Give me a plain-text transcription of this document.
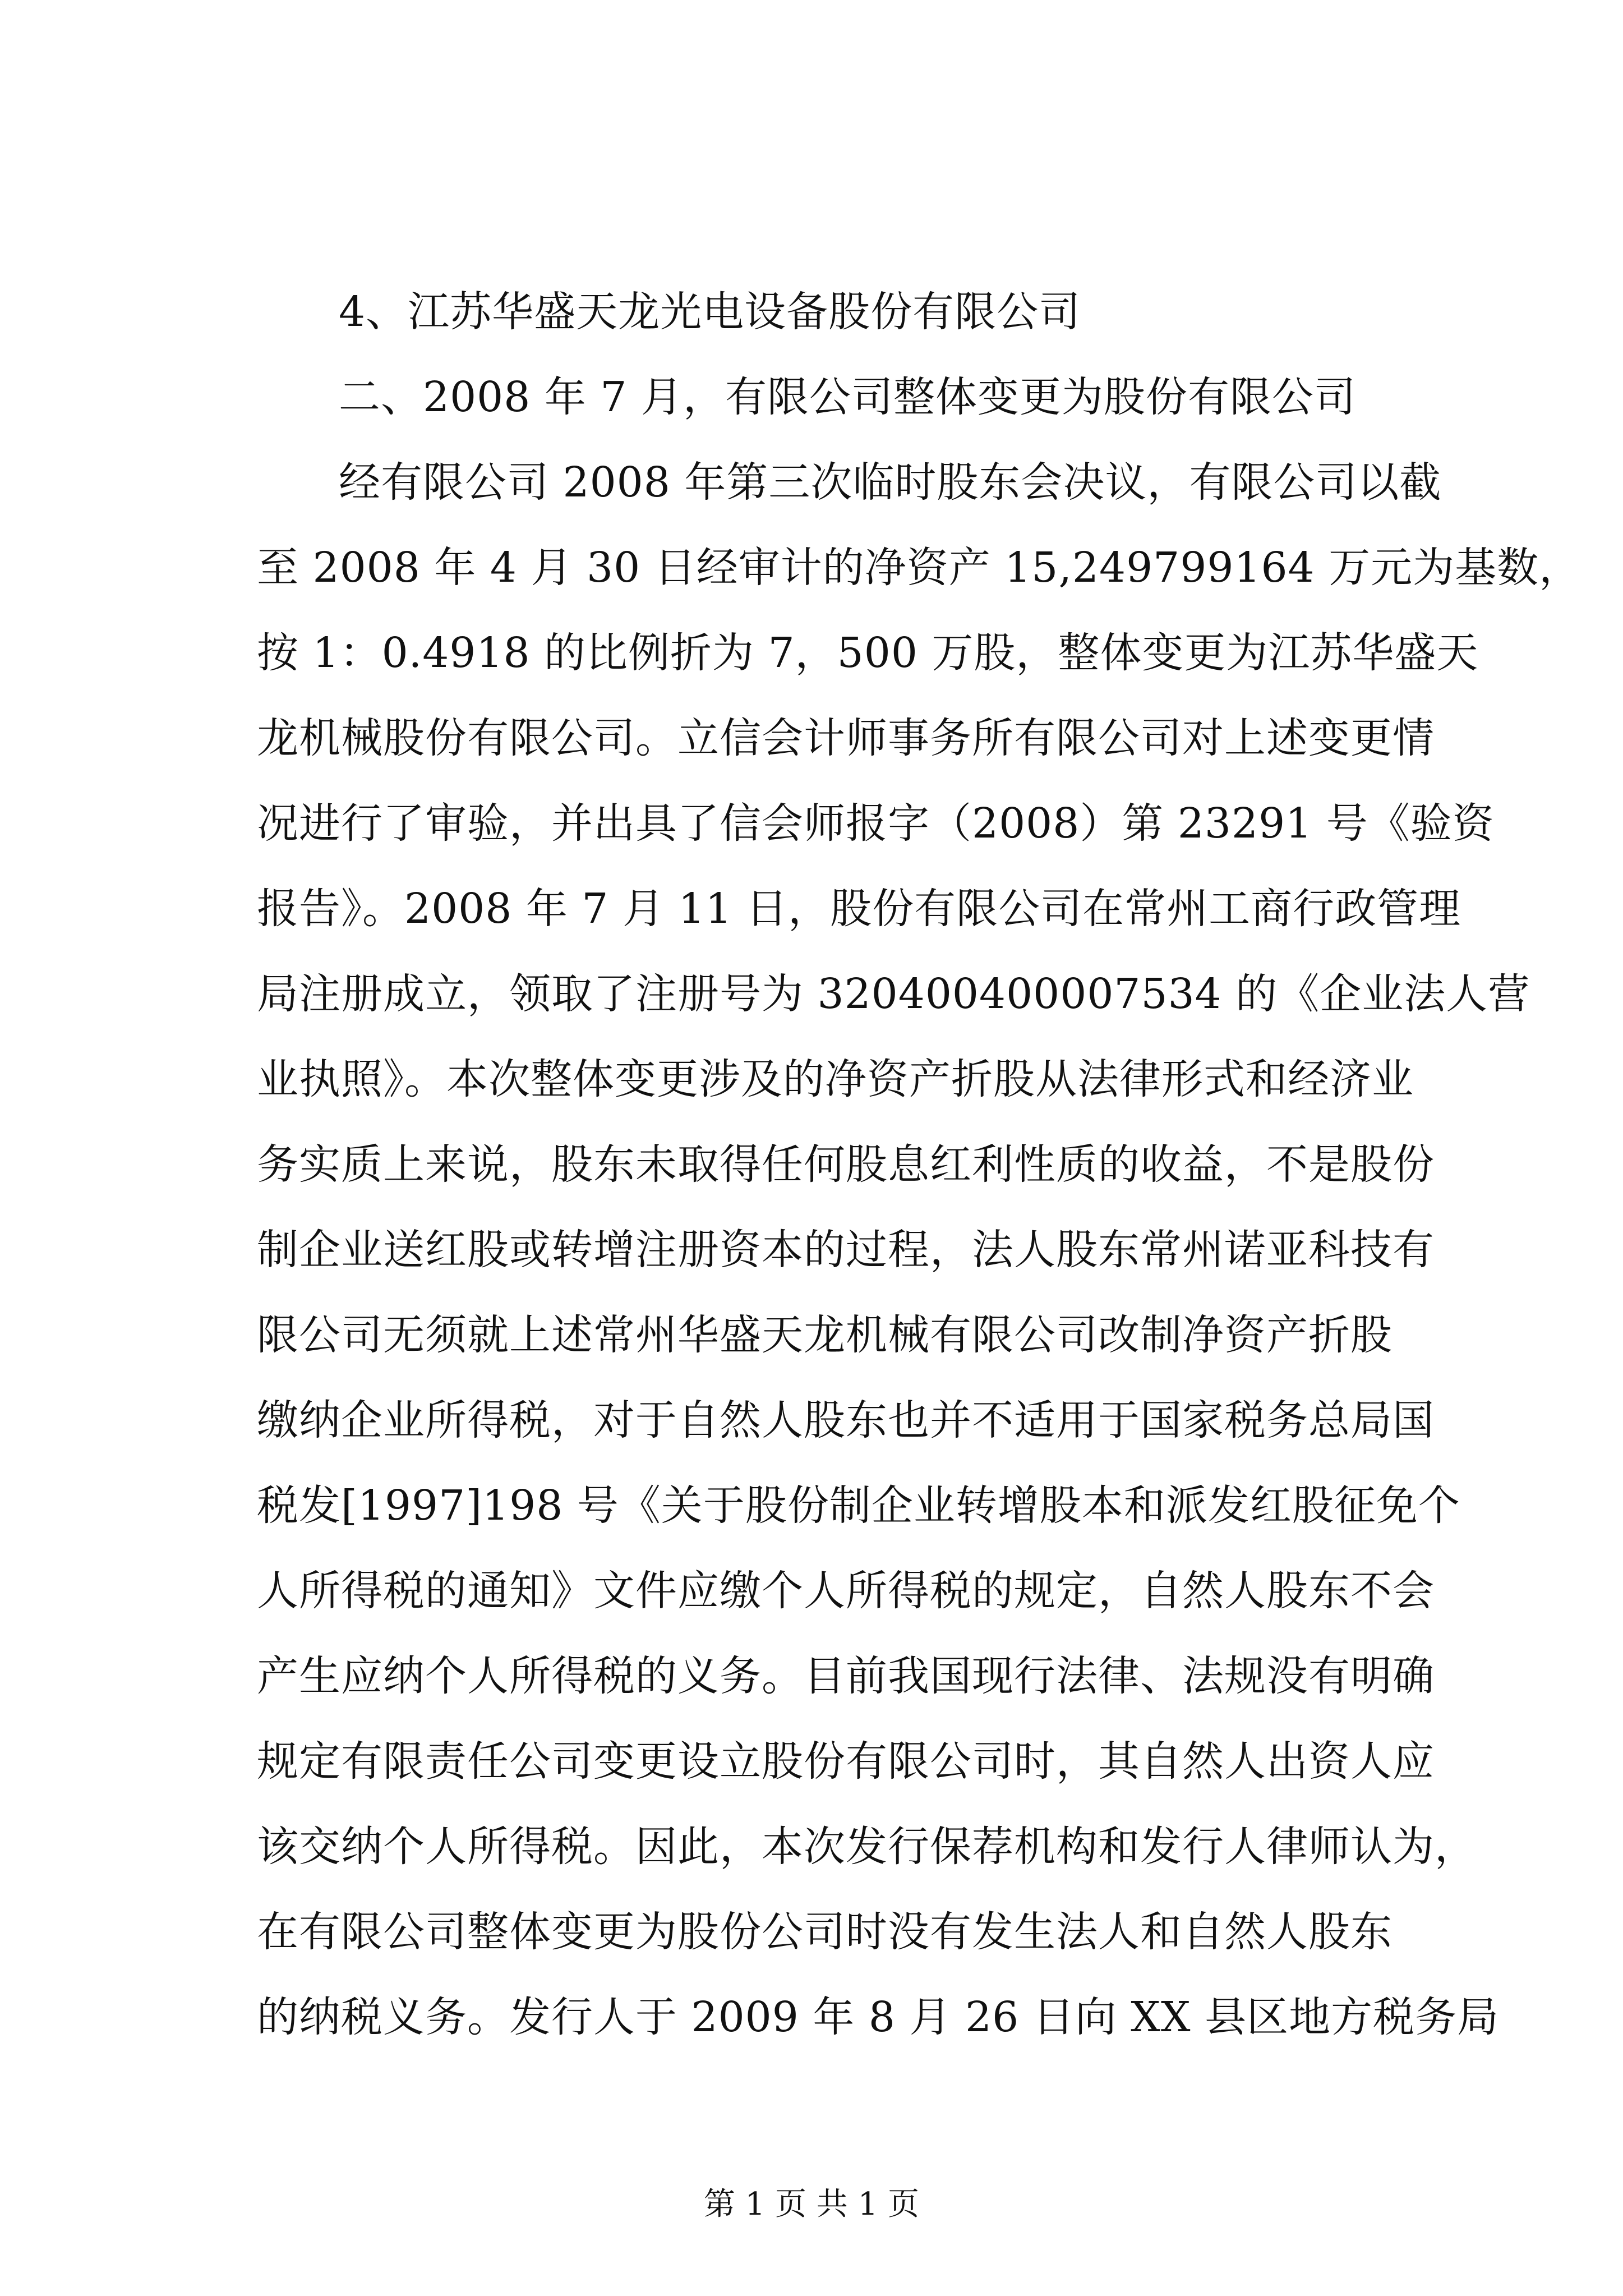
4、江苏华盛天龙光电设备股份有限公司
二、2008 年 7 月，有限公司整体变更为股份有限公司
经有限公司 2008 年第三次临时股东会决议，有限公司以截
至 2008 年 4 月 30 日经审计的净资产 15,249799164 万元为基数，
按 1：0.4918 的比例折为 7，500 万股，整体变更为江苏华盛天
龙机械股份有限公司。立信会计师事务所有限公司对上述变更情
况进行了审验，并出具了信会师报字（2008）第 23291 号《验资
报告》。2008 年 7 月 11 日，股份有限公司在常州工商行政管理
局注册成立，领取了注册号为 320400400007534 的《企业法人营
业执照》。本次整体变更涉及的净资产折股从法律形式和经济业
务实质上来说，股东未取得任何股息红利性质的收益，不是股份
制企业送红股或转增注册资本的过程，法人股东常州诺亚科技有
限公司无须就上述常州华盛天龙机械有限公司改制净资产折股
缴纳企业所得税，对于自然人股东也并不适用于国家税务总局国
税发[1997]198 号《关于股份制企业转增股本和派发红股征免个
人所得税的通知》文件应缴个人所得税的规定，自然人股东不会
产生应纳个人所得税的义务。目前我国现行法律、法规没有明确
规定有限责任公司变更设立股份有限公司时，其自然人出资人应
该交纳个人所得税。因此，本次发行保荐机构和发行人律师认为，
在有限公司整体变更为股份公司时没有发生法人和自然人股东
的纳税义务。发行人于 2009 年 8 月 26 日向 XX 县区地方税务局
第 1 页 共 1 页
